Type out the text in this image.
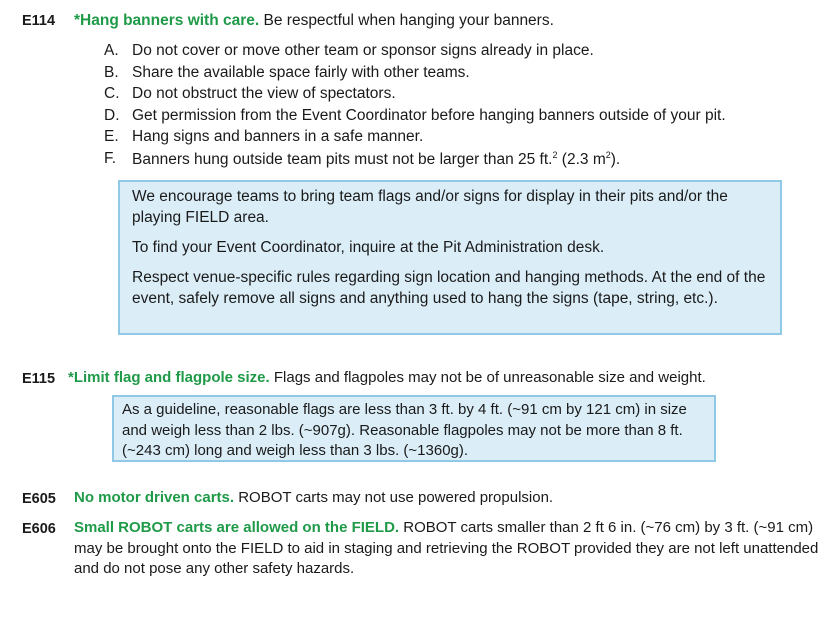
E114 *Hang banners with care. Be respectful when hanging your banners.
A. Do not cover or move other team or sponsor signs already in place.
B. Share the available space fairly with other teams.
C. Do not obstruct the view of spectators.
D. Get permission from the Event Coordinator before hanging banners outside of your pit.
E. Hang signs and banners in a safe manner.
F.	Banners hung outside team pits must not be larger than 25 ft.$^2$ (2.3 $m^2$).

We encourage teams to bring team flags and/or signs for display in their pits and/or the playing FIELD area.

To find your Event Coordinator, inquire at the Pit Administration desk.

Respect venue-specific rules regarding sign location and hanging methods. At the end of the event, safely remove all signs and anything used to hang the signs (tape, string, etc.).

E115 *Limit flag and flagpole size. Flags and flagpoles may not be of unreasonable size and weight.

As a guideline, reasonable flags are less than 3 ft. by 4 ft. (~91 cm by 121 cm) in size and weigh less than 2 lbs. (~907g). Reasonable flagpoles may not be more than 8 ft. (~243 cm) long and weigh less than 3 lbs. (~1360g).

E605 No motor driven carts. ROBOT carts may not use powered propulsion.
E606 Small ROBOT carts are allowed on the FIELD. ROBOT carts smaller than 2 ft 6 in. (~76 cm) by 3 ft. (~91 cm) may be brought onto the FIELD to aid in staging and retrieving the ROBOT provided they are not left unattended and do not pose any other safety hazards.
